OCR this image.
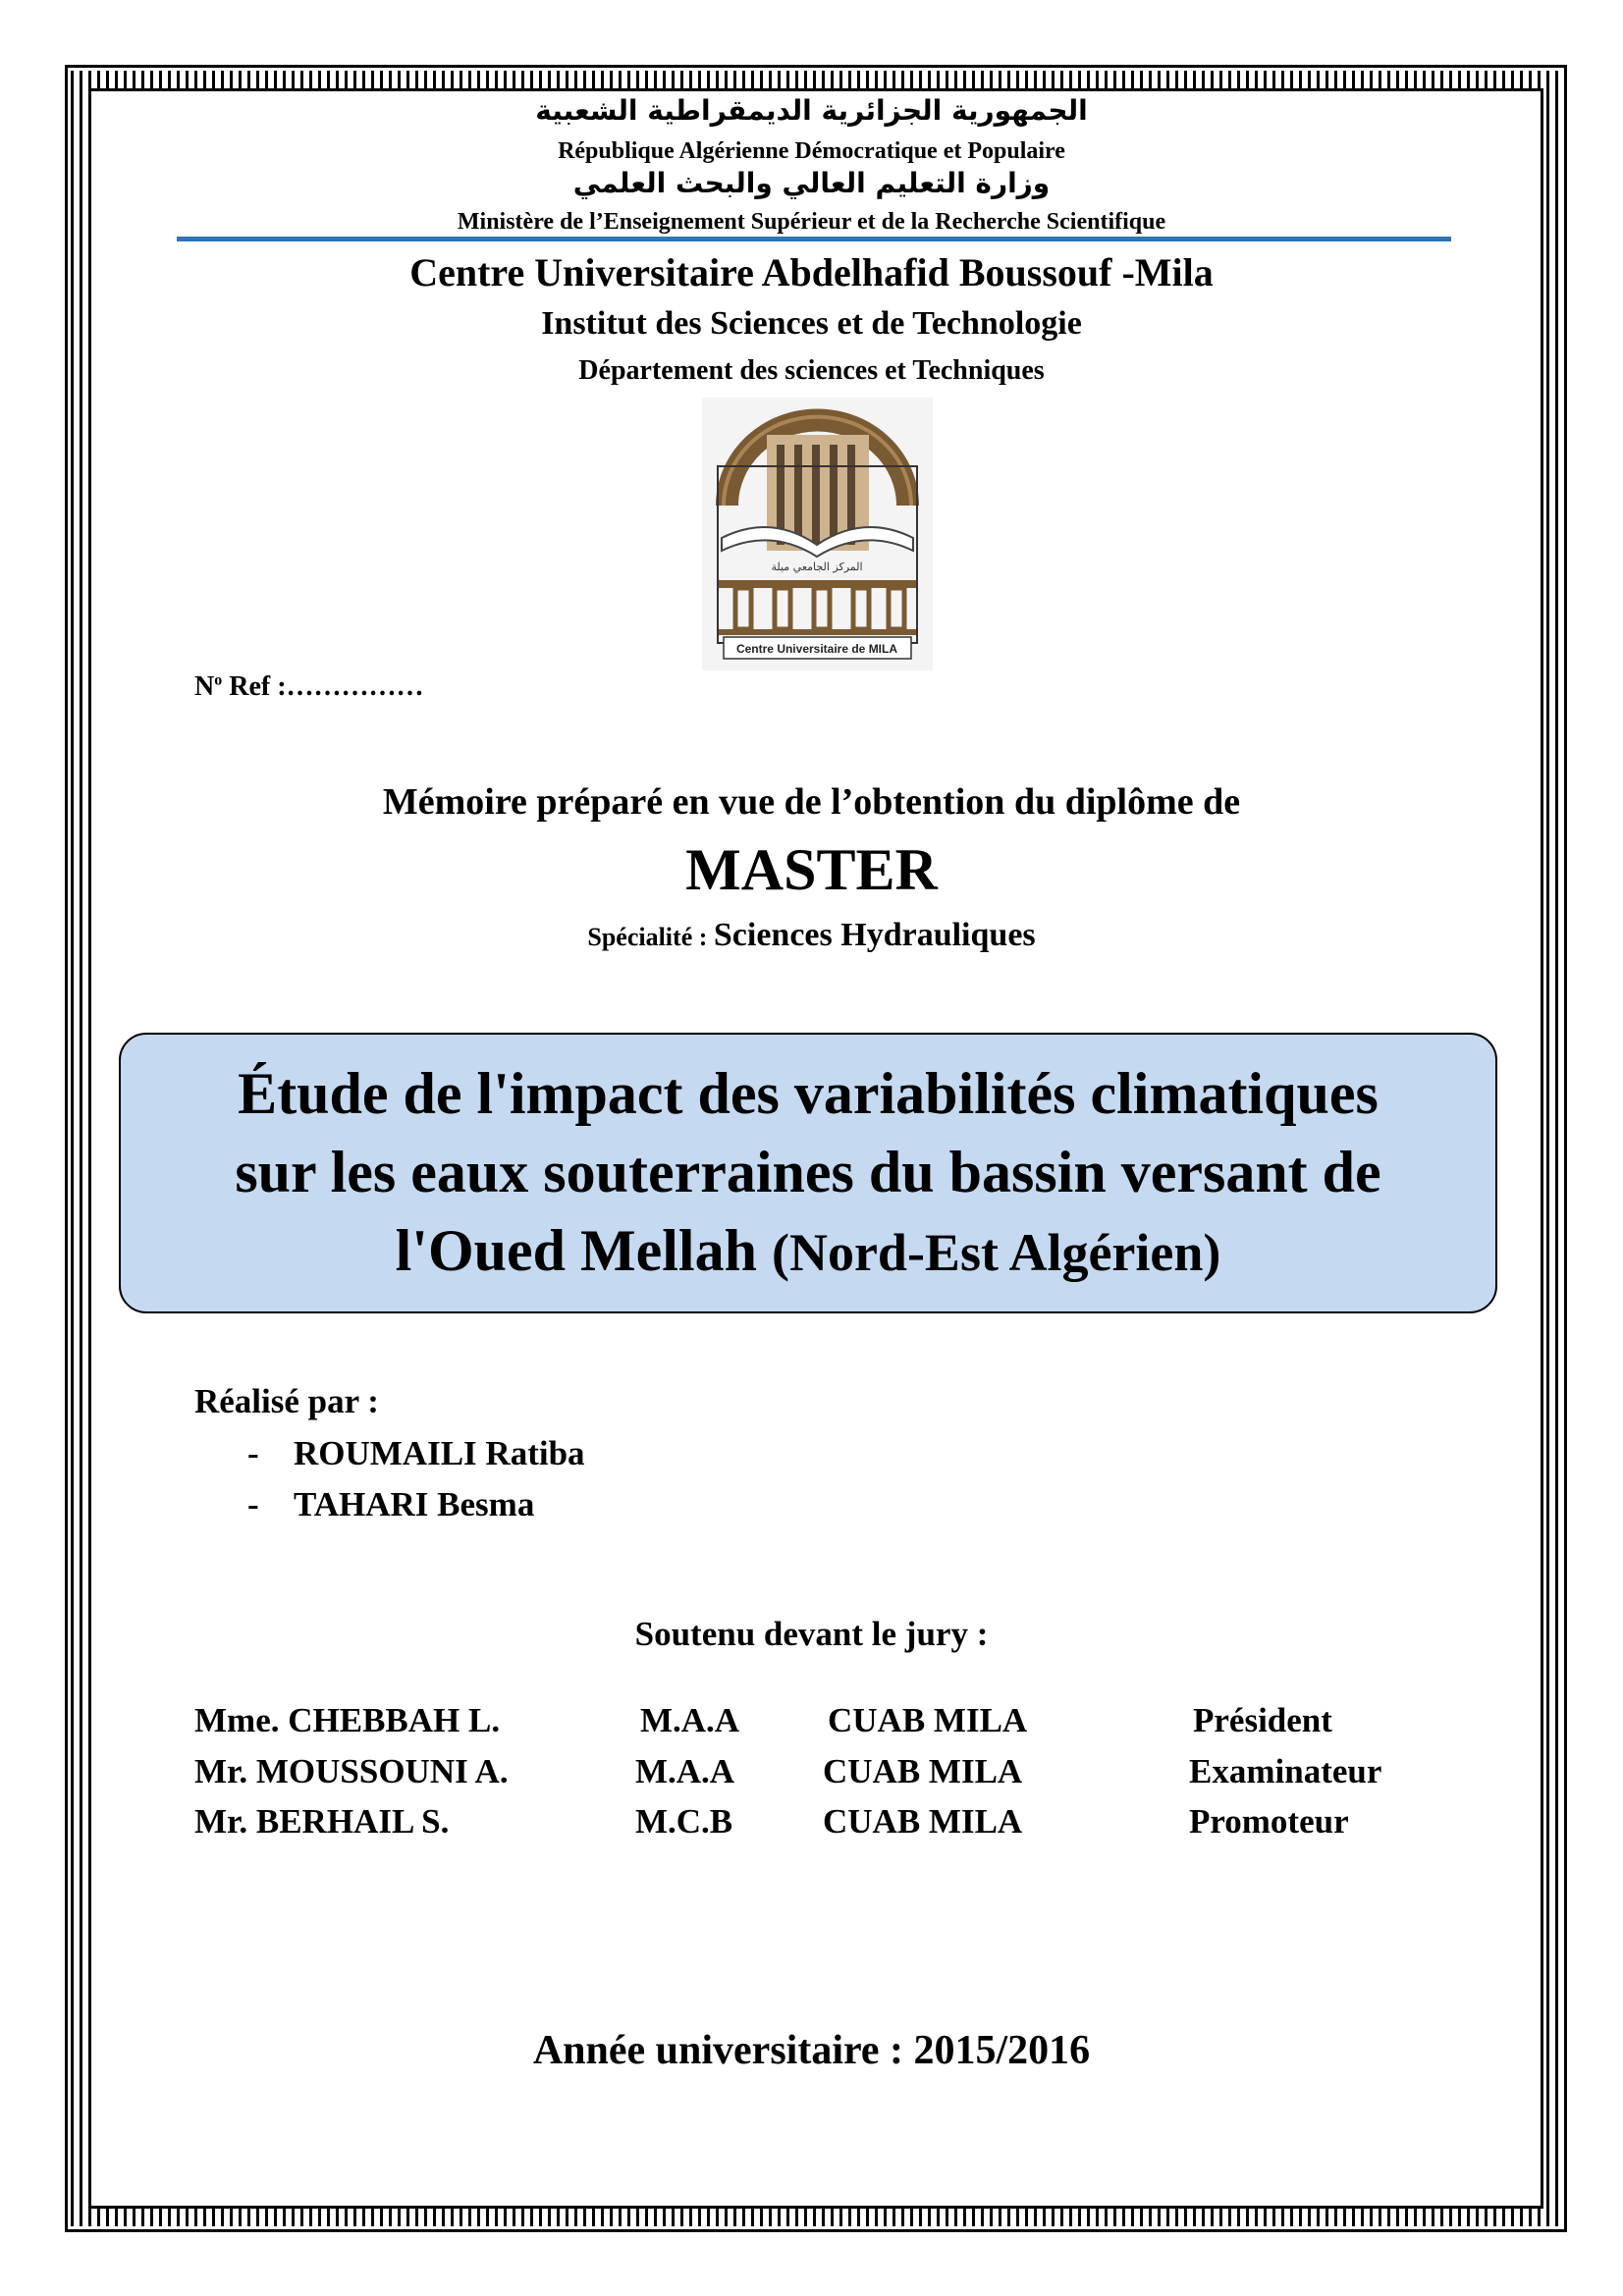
الجمهورية الجزائرية الديمقراطية الشعبية
République Algérienne Démocratique et Populaire
وزارة التعليم العالي والبحث العلمي
Ministère de l’Enseignement Supérieur et de la Recherche Scientifique
Centre Universitaire Abdelhafid Boussouf -Mila
Institut des Sciences et de Technologie
Département des sciences et Techniques
المركز الجامعي ميلة
Centre Universitaire de MILA
$N^o$ Ref :……………
Mémoire préparé en vue de l’obtention du diplôme de
MASTER
Spécialité : Sciences Hydrauliques
Étude de l'impact des variabilités climatiques
sur les eaux souterraines du bassin versant de
l'Oued Mellah (Nord-Est Algérien)
Réalisé par :
- ROUMAILI Ratiba
- TAHARI Besma
Soutenu devant le jury :
Mme. CHEBBAH L.	M.A.A	CUAB MILA	Président
Mr. MOUSSOUNI A.	M.A.A	CUAB MILA	Examinateur
Mr. BERHAIL S.	M.C.B	CUAB MILA	Promoteur
Année universitaire : 2015/2016
